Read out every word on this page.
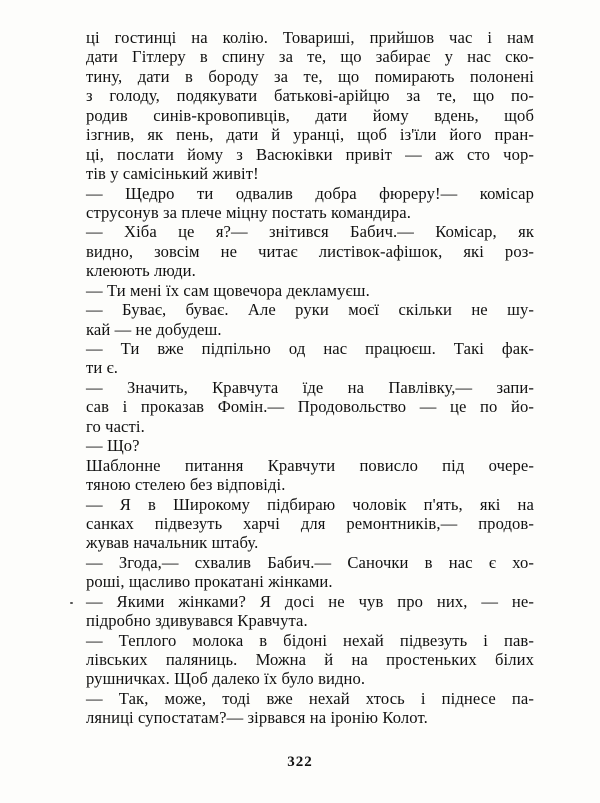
ці гостинці на колію. Товариші, прийшов час і нам
дати Гітлеру в спину за те, що забирає у нас ско-
тину, дати в бороду за те, що помирають полонені
з голоду, подякувати батькові-арійцю за те, що по-
родив синів-кровопивців, дати йому вдень, щоб
ізгнив, як пень, дати й уранці, щоб із'їли його пран-
ці, послати йому з Васюківки привіт — аж сто чор-
тів у самісінький живіт!
— Щедро ти одвалив добра фюреру!— комісар
струсонув за плече міцну постать командира.
— Хіба це я?— знітився Бабич.— Комісар, як
видно, зовсім не читає листівок-афішок, які роз-
клеюють люди.
— Ти мені їх сам щовечора декламуєш.
— Буває, буває. Але руки моєї скільки не шу-
кай — не добудеш.
— Ти вже підпільно од нас працюєш. Такі фак-
ти є.
— Значить, Кравчута їде на Павлівку,— запи-
сав і проказав Фомін.— Продовольство — це по йо-
го часті.
— Що?
Шаблонне питання Кравчути повисло під очере-
тяною стелею без відповіді.
— Я в Широкому підбираю чоловік п'ять, які на
санках підвезуть харчі для ремонтників,— продов-
жував начальник штабу.
— Згода,— схвалив Бабич.— Саночки в нас є хо-
роші, щасливо прокатані жінками.
— Якими жінками? Я досі не чув про них, — не-
підробно здивувався Кравчута.
— Теплого молока в бідоні нехай підвезуть і пав-
лівських паляниць. Можна й на простеньких білих
рушничках. Щоб далеко їх було видно.
— Так, може, тоді вже нехай хтось і піднесе па-
ляниці супостатам?— зірвався на іронію Колот.
322
